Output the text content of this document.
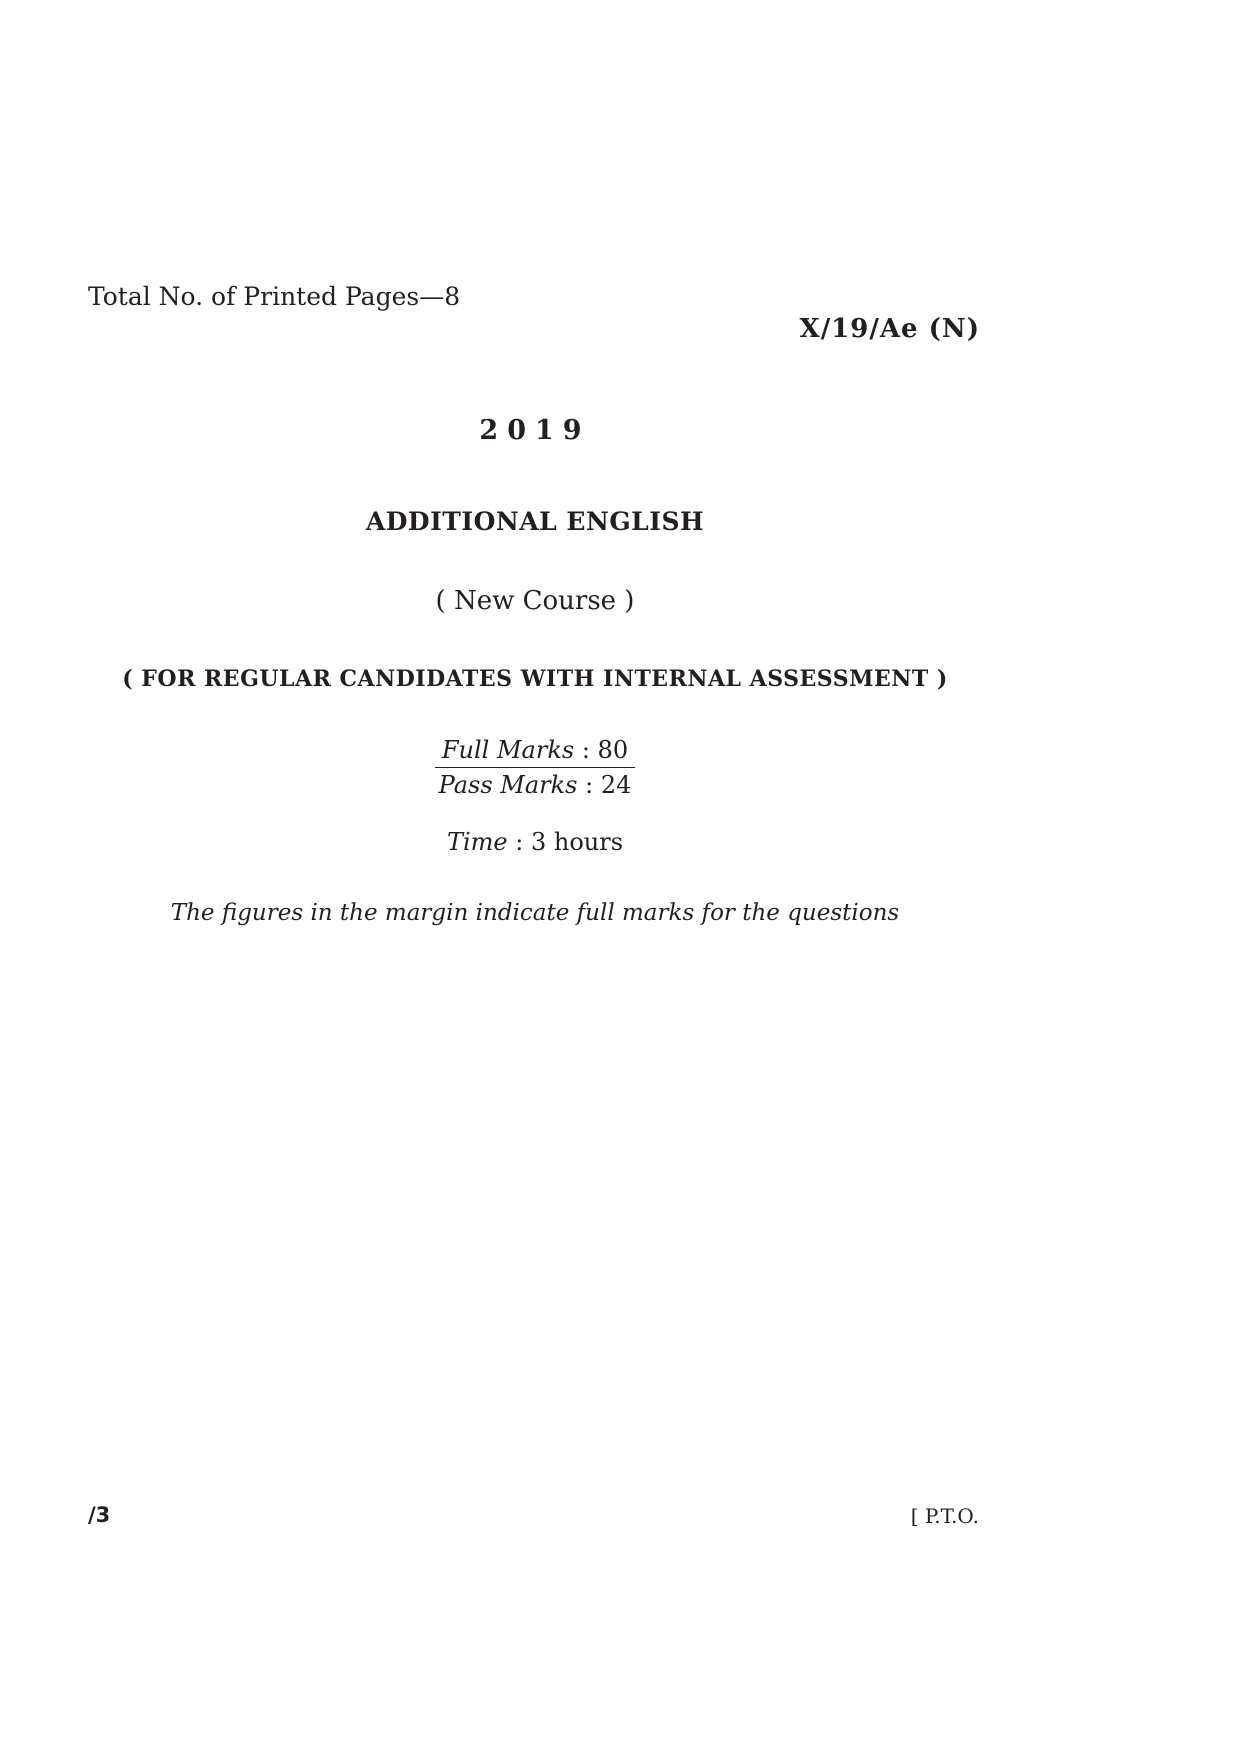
Total No. of Printed Pages—8
X/19/Ae (N)
2019
ADDITIONAL ENGLISH
( New Course )
( FOR REGULAR CANDIDATES WITH INTERNAL ASSESSMENT )
Full Marks : 80
Pass Marks : 24
Time : 3 hours
The figures in the margin indicate full marks for the questions
/3	[ P.T.O.
